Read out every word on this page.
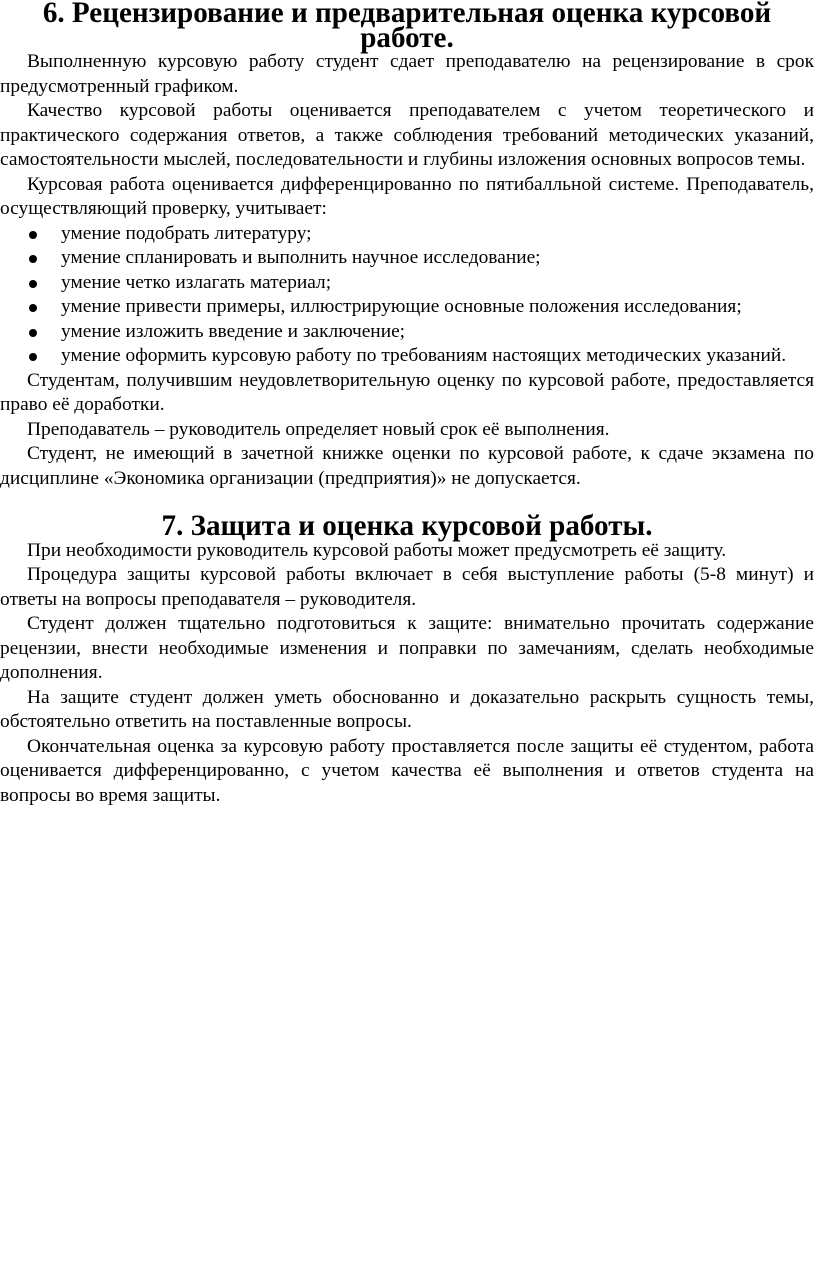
6. Рецензирование и предварительная оценка курсовой работе.

Выполненную курсовую работу студент сдает преподавателю на рецензирование в срок предусмотренный графиком.

Качество курсовой работы оценивается преподавателем с учетом теоретического и практического содержания ответов, а также соблюдения требований методических указаний, самостоятельности мыслей, последовательности и глубины изложения основных вопросов темы.

Курсовая работа оценивается дифференцированно по пятибалльной системе. Преподаватель, осуществляющий проверку, учитывает:

умение подобрать литературу;
умение спланировать и выполнить научное исследование;
умение четко излагать материал;
умение привести примеры, иллюстрирующие основные положения исследования;
умение изложить введение и заключение;
умение оформить курсовую работу по требованиям настоящих методических указаний.

Студентам, получившим неудовлетворительную оценку по курсовой работе, предоставляется право её доработки.

Преподаватель – руководитель определяет новый срок её выполнения.

Студент, не имеющий в зачетной книжке оценки по курсовой работе, к сдаче экзамена по дисциплине «Экономика организации (предприятия)» не допускается.

7. Защита и оценка курсовой работы.

При необходимости руководитель курсовой работы может предусмотреть её защиту.

Процедура защиты курсовой работы включает в себя выступление работы (5-8 минут) и ответы на вопросы преподавателя – руководителя.

Студент должен тщательно подготовиться к защите: внимательно прочитать содержание рецензии, внести необходимые изменения и поправки по замечаниям, сделать необходимые дополнения.

На защите студент должен уметь обоснованно и доказательно раскрыть сущность темы, обстоятельно ответить на поставленные вопросы.

Окончательная оценка за курсовую работу проставляется после защиты её студентом, работа оценивается дифференцированно, с учетом качества её выполнения и ответов студента на вопросы во время защиты.
